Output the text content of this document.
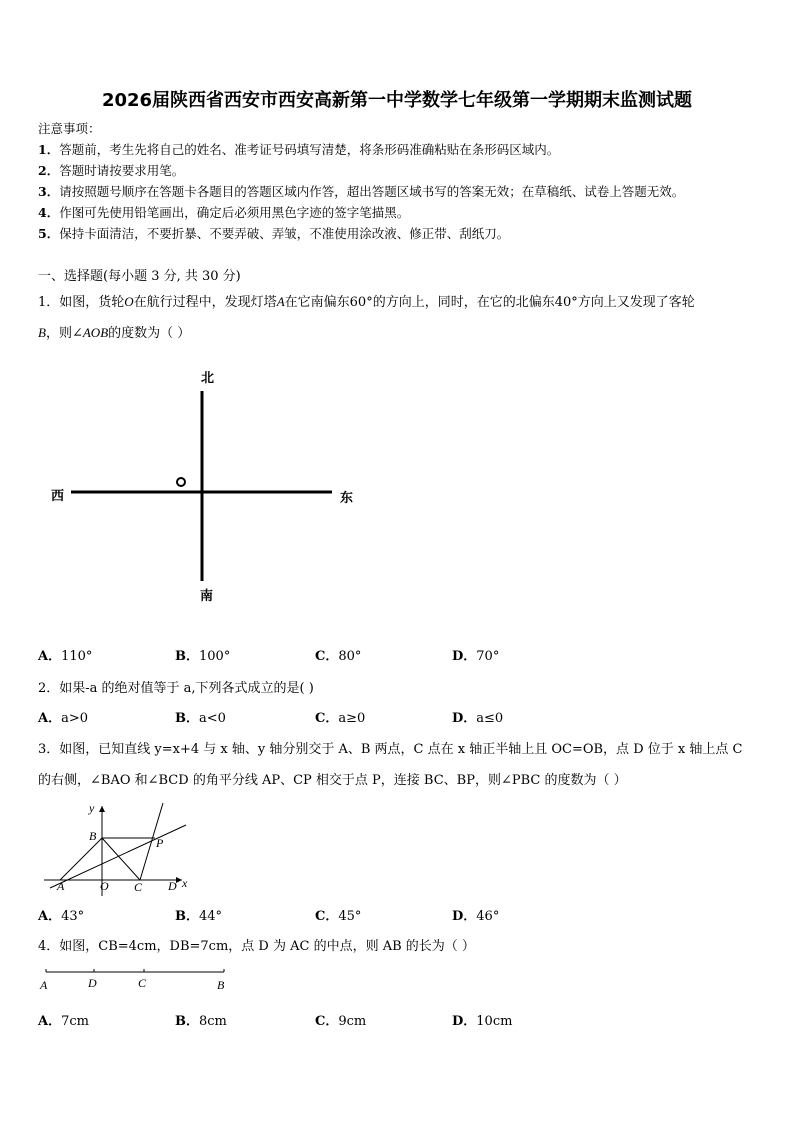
2026届陕西省西安市西安高新第一中学数学七年级第一学期期末监测试题
注意事项：
1．答题前，考生先将自己的姓名、准考证号码填写清楚，将条形码准确粘贴在条形码区域内。
2．答题时请按要求用笔。
3．请按照题号顺序在答题卡各题目的答题区域内作答，超出答题区域书写的答案无效；在草稿纸、试卷上答题无效。
4．作图可先使用铅笔画出，确定后必须用黑色字迹的签字笔描黑。
5．保持卡面清洁，不要折暴、不要弄破、弄皱，不准使用涂改液、修正带、刮纸刀。
一、选择题(每小题 3 分, 共 30 分)
1．如图，货轮O在航行过程中，发现灯塔A在它南偏东60°的方向上，同时，在它的北偏东40°方向上又发现了客轮
B，则∠AOB的度数为（ ）
北
南
西	东
A．110°	B．100°	C．80°	D．70°
2．如果-a 的绝对值等于 a,下列各式成立的是( )
A．a>0	B．a<0	C．a≥0	D．a≤0
3．如图，已知直线 y=x+4 与 x 轴、y 轴分别交于 A、B 两点，C 点在 x 轴正半轴上且 OC=OB，点 D 位于 x 轴上点 C
的右侧，∠BAO 和∠BCD 的角平分线 AP、CP 相交于点 P，连接 BC、BP，则∠PBC 的度数为（ ）
y
x
A
B
O C D
P
A．43°	B．44°	C．45°	D．46°
4．如图，CB=4cm，DB=7cm，点 D 为 AC 的中点，则 AB 的长为（ ）
A	D	C	B
A．7cm	B．8cm	C．9cm	D．10cm
